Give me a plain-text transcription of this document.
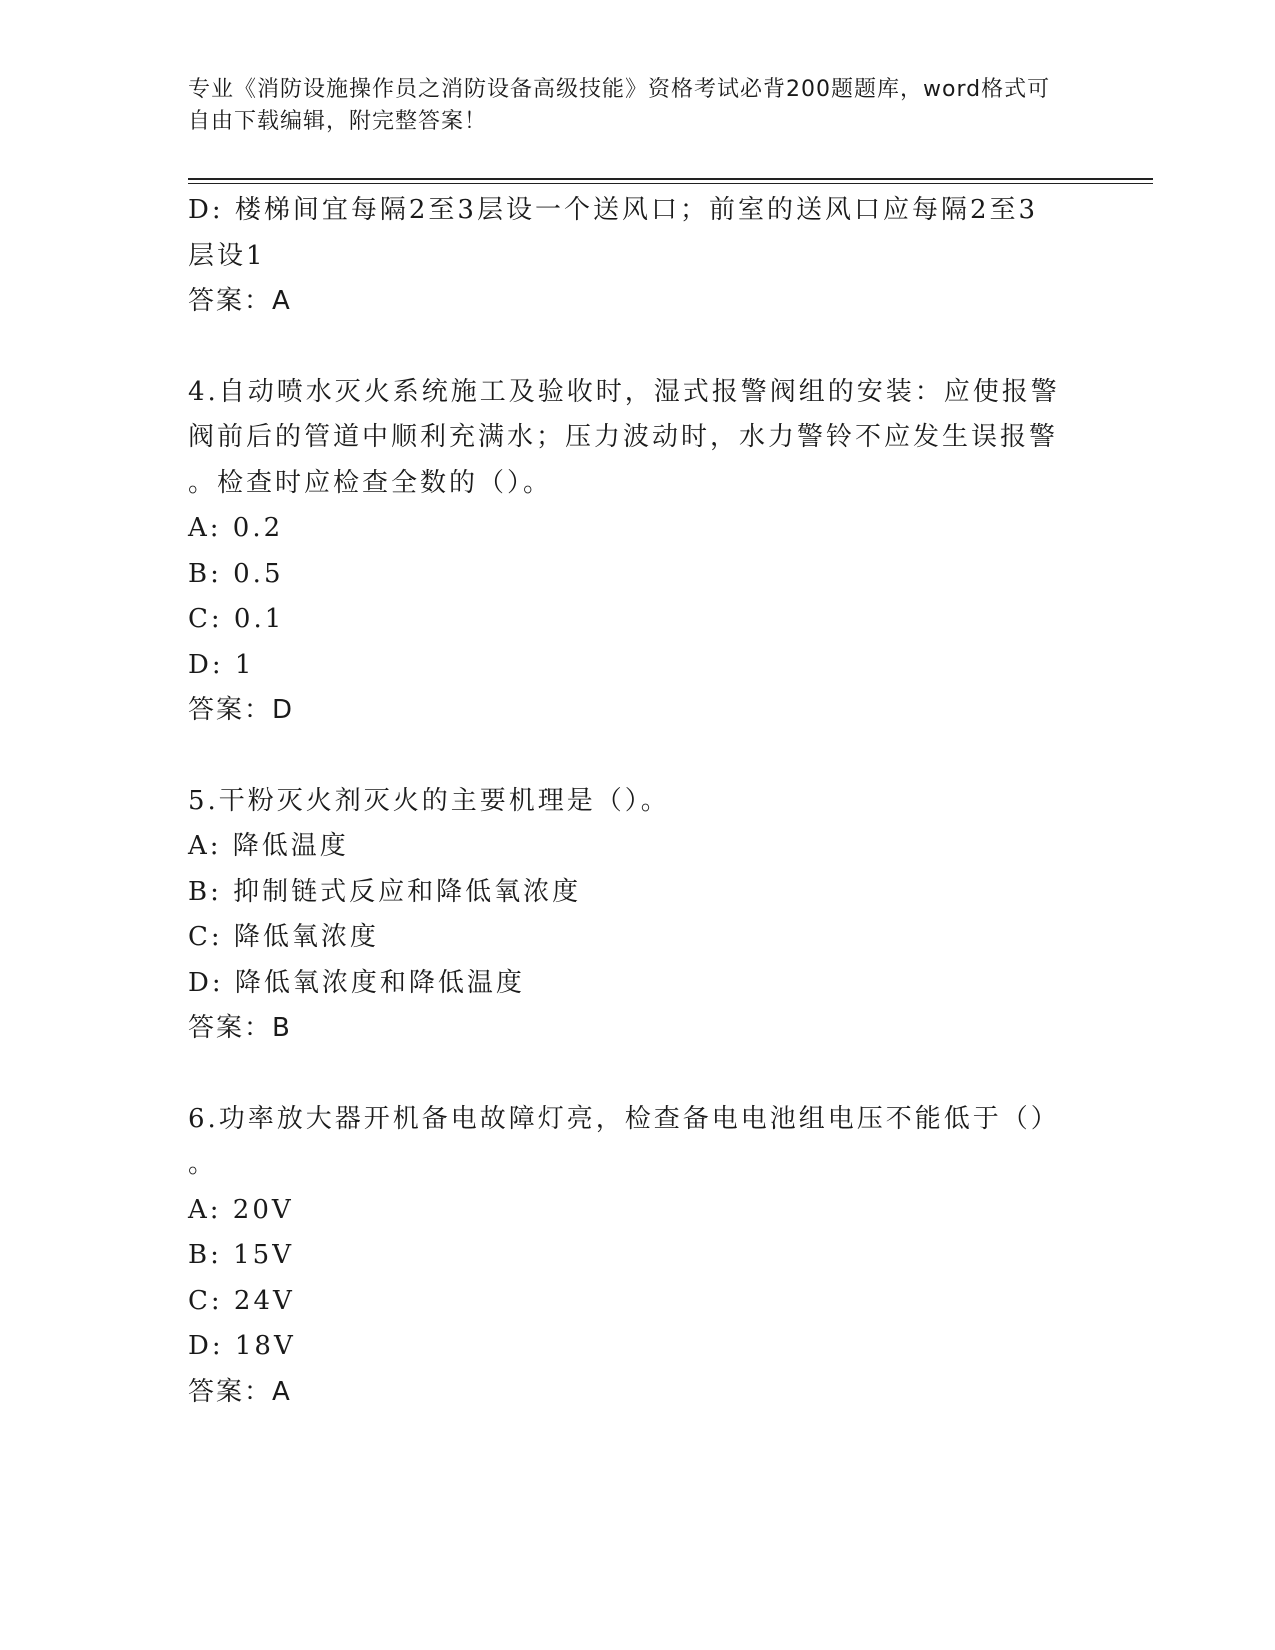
专业《消防设施操作员之消防设备高级技能》资格考试必背200题题库，word格式可自由下载编辑，附完整答案！
D: 楼梯间宜每隔2至3层设一个送风口；前室的送风口应每隔2至3
层设1
答案：A
4.自动喷水灭火系统施工及验收时，湿式报警阀组的安装：应使报警
阀前后的管道中顺利充满水；压力波动时，水力警铃不应发生误报警
。检查时应检查全数的（）。
A: 0.2
B: 0.5
C: 0.1
D: 1
答案：D
5.干粉灭火剂灭火的主要机理是（）。
A: 降低温度
B: 抑制链式反应和降低氧浓度
C: 降低氧浓度
D: 降低氧浓度和降低温度
答案：B
6.功率放大器开机备电故障灯亮，检查备电电池组电压不能低于（）
。
A: 20V
B: 15V
C: 24V
D: 18V
答案：A
